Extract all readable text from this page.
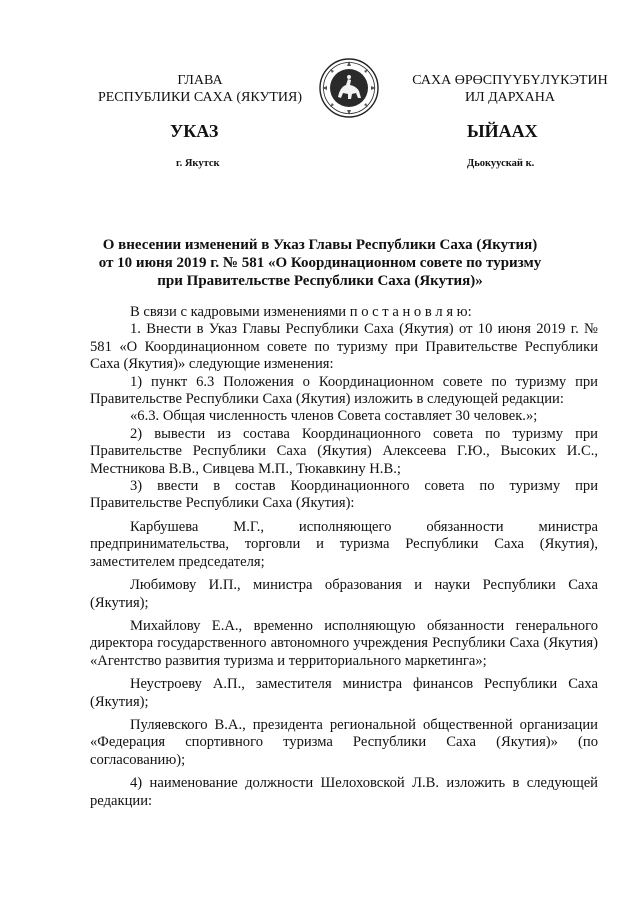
ГЛАВА
РЕСПУБЛИКИ САХА (ЯКУТИЯ)
САХА ӨРӨСПҮҮБҮЛҮКЭТИН
ИЛ ДАРХАНА
УКАЗ	ЫЙААХ
г. Якутск	Дьокуускай к.
О внесении изменений в Указ Главы Республики Саха (Якутия)
от 10 июня 2019 г. № 581 «О Координационном совете по туризму
при Правительстве Республики Саха (Якутия)»

В связи с кадровыми изменениями п о с т а н о в л я ю:

1. Внести в Указ Главы Республики Саха (Якутия) от 10 июня 2019 г. № 581 «О Координационном совете по туризму при Правительстве Республики Саха (Якутия)» следующие изменения:

1) пункт 6.3 Положения о Координационном совете по туризму при Правительстве Республики Саха (Якутия) изложить в следующей редакции:

«6.3. Общая численность членов Совета составляет 30 человек.»;

2) вывести из состава Координационного совета по туризму при Правительстве Республики Саха (Якутия) Алексеева Г.Ю., Высоких И.С., Местникова В.В., Сивцева М.П., Тюкавкину Н.В.;

3) ввести в состав Координационного совета по туризму при Правительстве Республики Саха (Якутия):

Карбушева М.Г., исполняющего обязанности министра предпринимательства, торговли и туризма Республики Саха (Якутия), заместителем председателя;

Любимову И.П., министра образования и науки Республики Саха (Якутия);

Михайлову Е.А., временно исполняющую обязанности генерального директора государственного автономного учреждения Республики Саха (Якутия) «Агентство развития туризма и территориального маркетинга»;

Неустроеву А.П., заместителя министра финансов Республики Саха (Якутия);

Пуляевского В.А., президента региональной общественной организации «Федерация спортивного туризма Республики Саха (Якутия)» (по согласованию);

4) наименование должности Шелоховской Л.В. изложить в следующей редакции:
